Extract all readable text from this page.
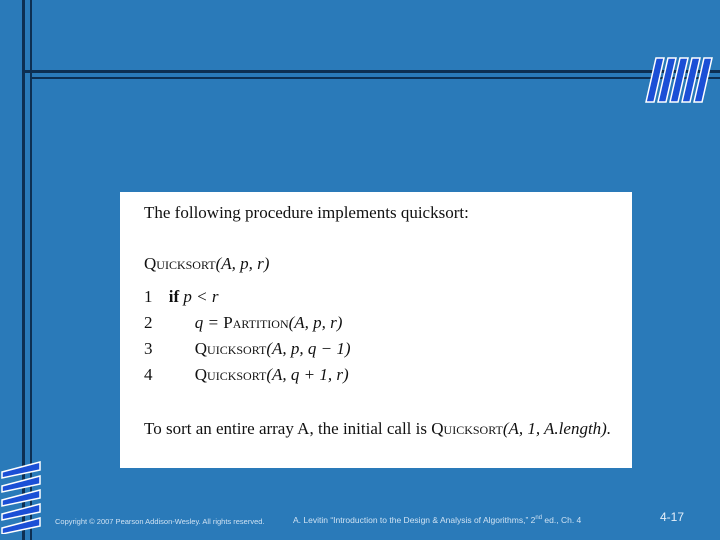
The following procedure implements quicksort:
Quicksort(A, p, r)
1 if p < r
2 q = Partition(A, p, r)
3 Quicksort(A, p, q − 1)
4 Quicksort(A, q + 1, r)
To sort an entire array A, the initial call is Quicksort(A, 1, A.length).
Copyright © 2007 Pearson Addison-Wesley. All rights reserved.	A. Levitin “Introduction to the Design & Analysis of Algorithms,” 2nd ed., Ch. 4	4-17
